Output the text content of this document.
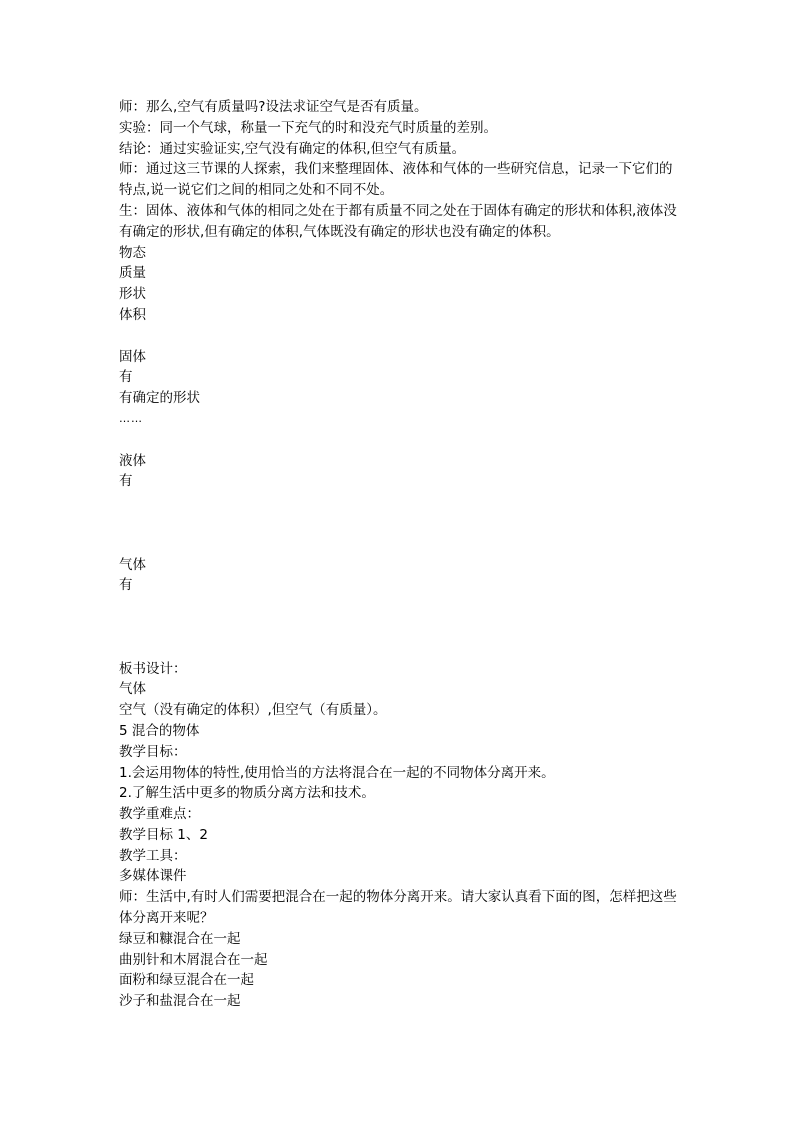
师：那么,空气有质量吗?设法求证空气是否有质量。

实验：同一个气球，称量一下充气的时和没充气时质量的差别。

结论：通过实验证实,空气没有确定的体积,但空气有质量。

师：通过这三节课的人探索，我们来整理固体、液体和气体的一些研究信息，记录一下它们的特点,说一说它们之间的相同之处和不同不处。

生：固体、液体和气体的相同之处在于都有质量不同之处在于固体有确定的形状和体积,液体没有确定的形状,但有确定的体积,气体既没有确定的形状也没有确定的体积。

物态

质量

形状

体积

固体

有

有确定的形状

……

液体

有

气体

有

板书设计：

气体

空气（没有确定的体积）,但空气（有质量）。

5 混合的物体

教学目标：

1.会运用物体的特性,使用恰当的方法将混合在一起的不同物体分离开来。

2.了解生活中更多的物质分离方法和技术。

教学重难点：

教学目标 1、2

教学工具：

多媒体课件

师：生活中,有时人们需要把混合在一起的物体分离开来。请大家认真看下面的图，怎样把这些体分离开来呢？

绿豆和糠混合在一起

曲别针和木屑混合在一起

面粉和绿豆混合在一起

沙子和盐混合在一起
